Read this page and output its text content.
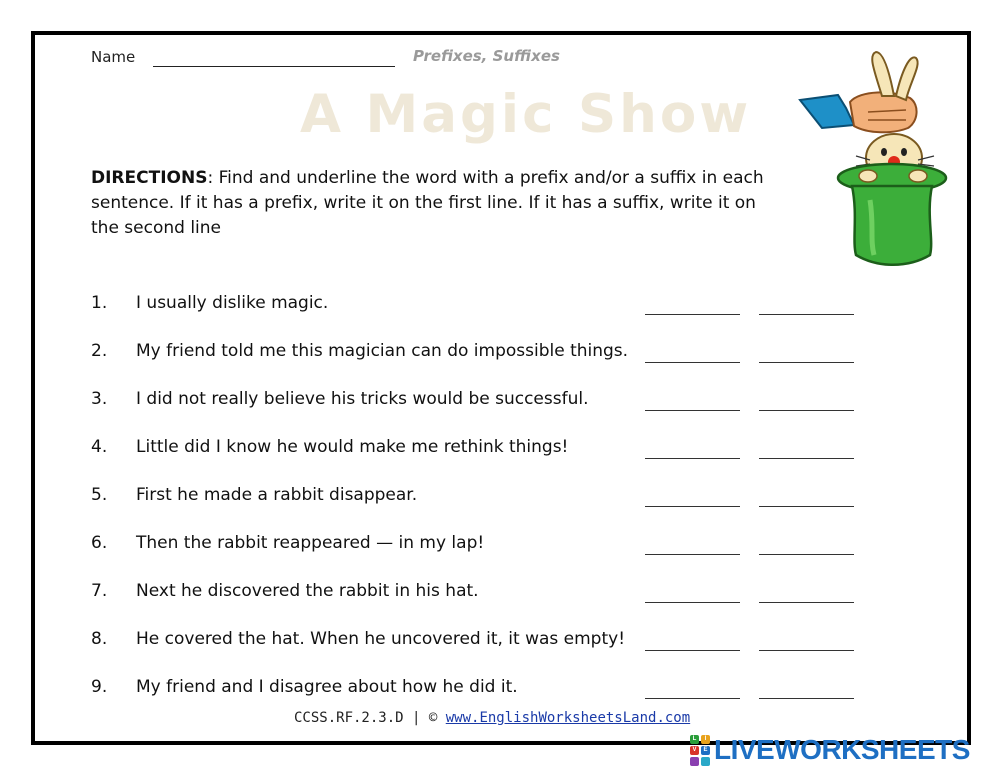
Name	Prefixes, Suffixes
A Magic Show
DIRECTIONS: Find and underline the word with a prefix and/or a suffix in each sentence. If it has a prefix, write it on the first line. If it has a suffix, write it on the second line
1. I usually dislike magic.
2. My friend told me this magician can do impossible things.
3. I did not really believe his tricks would be successful.
4. Little did I know he would make me rethink things!
5. First he made a rabbit disappear.
6. Then the rabbit reappeared — in my lap!
7. Next he discovered the rabbit in his hat.
8. He covered the hat. When he uncovered it, it was empty!
9. My friend and I disagree about how he did it.
CCSS.RF.2.3.D | © www.EnglishWorksheetsLand.com
L	I
V	E LIVEWORKSHEETS
